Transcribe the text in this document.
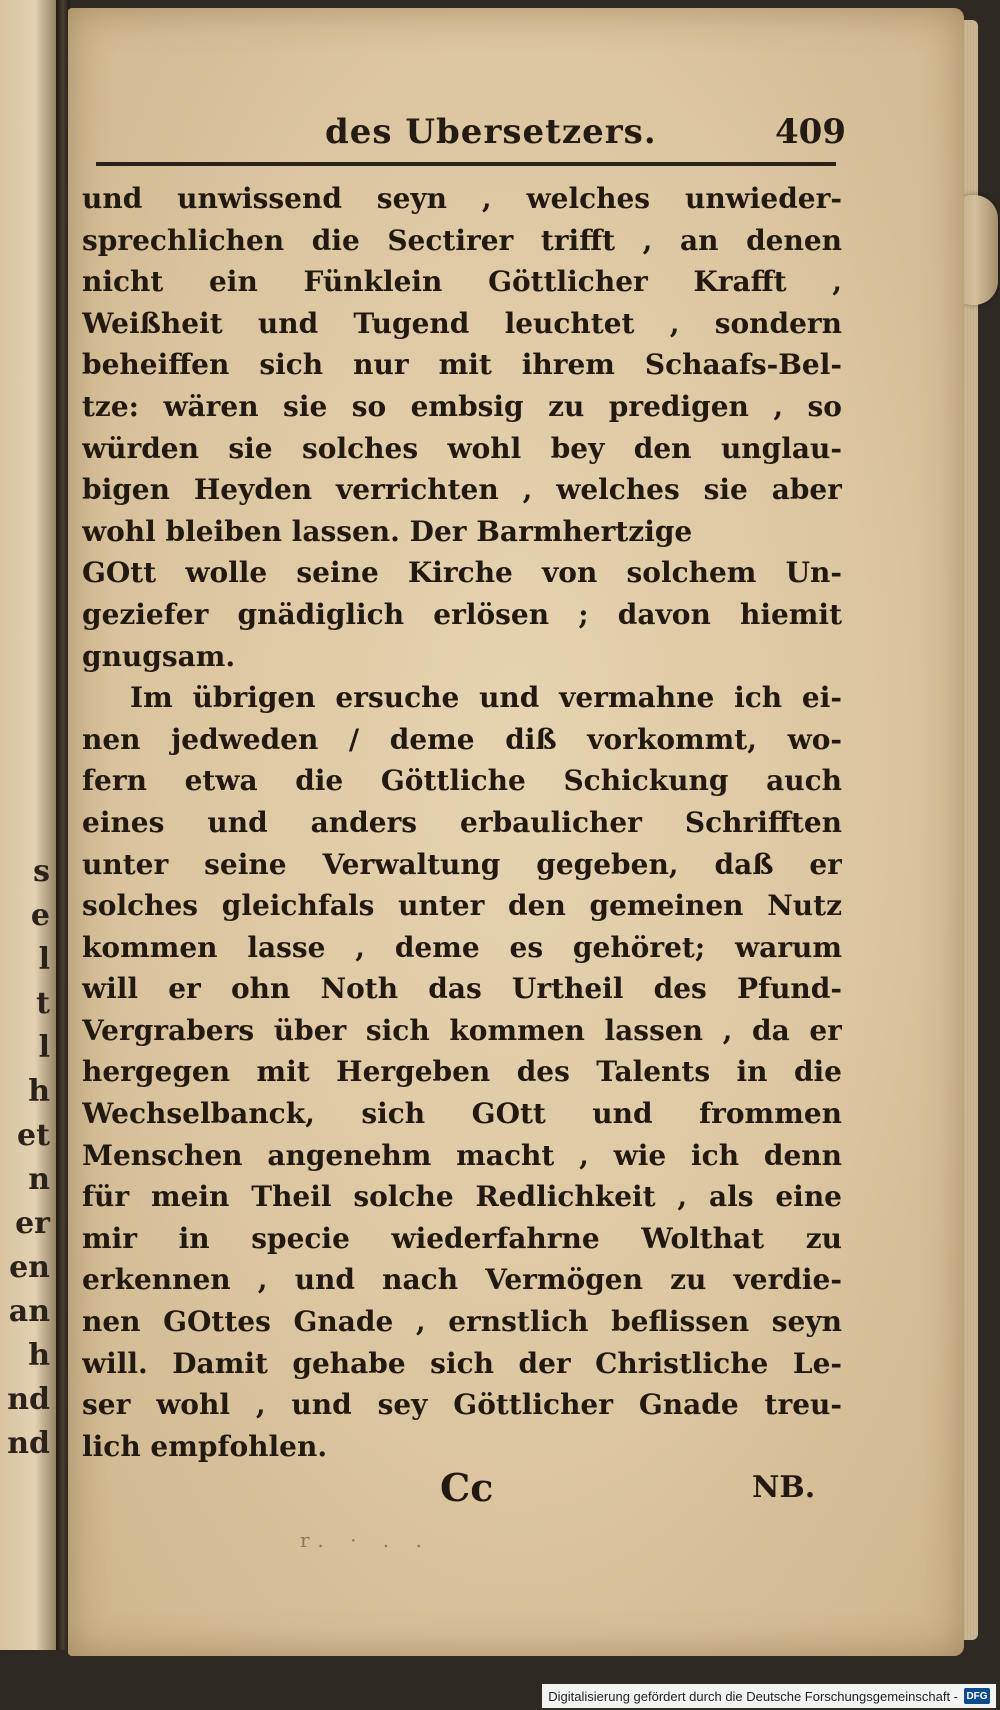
s
e
l
t
l
h
et
n
er
en
an
h
nd
nd
des Ubersetzers.	409
und unwissend seyn , welches unwieder-
sprechlichen die Sectirer trifft , an denen
nicht ein Fünklein Göttlicher Krafft ,
Weißheit und Tugend leuchtet , sondern
beheiffen sich nur mit ihrem Schaafs-Bel-
tze: wären sie so embsig zu predigen , so
würden sie solches wohl bey den unglau-
bigen Heyden verrichten , welches sie aber
wohl bleiben lassen. Der Barmhertzige
GOtt wolle seine Kirche von solchem Un-
geziefer gnädiglich erlösen ; davon hiemit
gnugsam.
Im übrigen ersuche und vermahne ich ei-
nen jedweden / deme diß vorkommt, wo-
fern etwa die Göttliche Schickung auch
eines und anders erbaulicher Schrifften
unter seine Verwaltung gegeben, daß er
solches gleichfals unter den gemeinen Nutz
kommen lasse , deme es gehöret; warum
will er ohn Noth das Urtheil des Pfund-
Vergrabers über sich kommen lassen , da er
hergegen mit Hergeben des Talents in die
Wechselbanck, sich GOtt und frommen
Menschen angenehm macht , wie ich denn
für mein Theil solche Redlichkeit , als eine
mir in specie wiederfahrne Wolthat zu
erkennen , und nach Vermögen zu verdie-
nen GOttes Gnade , ernstlich beflissen seyn
will. Damit gehabe sich der Christliche Le-
ser wohl , und sey Göttlicher Gnade treu-
lich empfohlen.
Cc	NB.
r. · . .
Digitalisierung gefördert durch die Deutsche Forschungsgemeinschaft - DFG
